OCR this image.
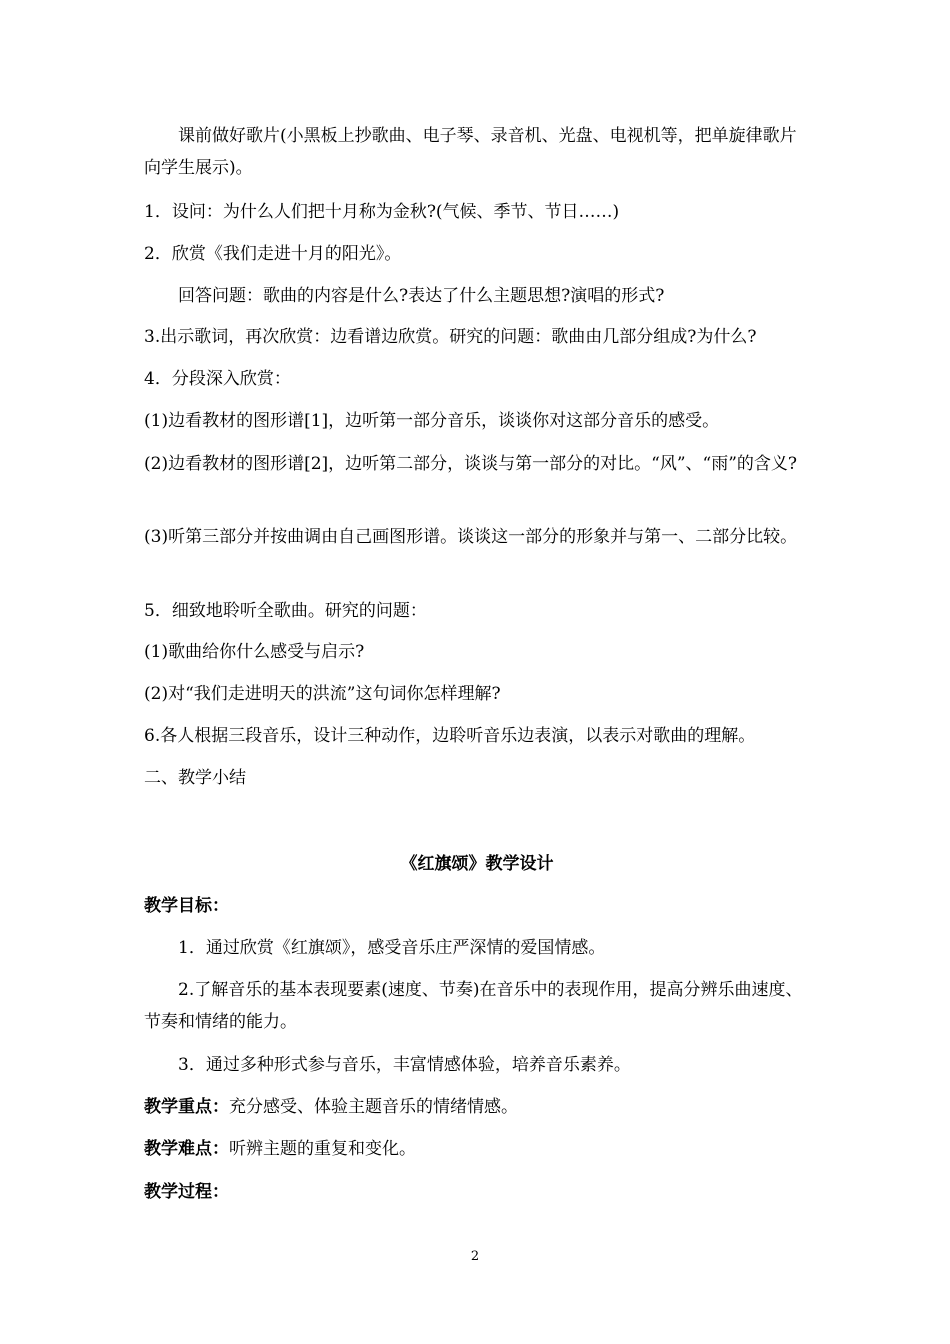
课前做好歌片(小黑板上抄歌曲、电子琴、录音机、光盘、电视机等，把单旋律歌片向学生展示)。
1．设问：为什么人们把十月称为金秋?(气候、季节、节日……)
2．欣赏《我们走进十月的阳光》。
回答问题：歌曲的内容是什么?表达了什么主题思想?演唱的形式?
3.出示歌词，再次欣赏：边看谱边欣赏。研究的问题：歌曲由几部分组成?为什么?
4．分段深入欣赏：
(1)边看教材的图形谱[1]，边听第一部分音乐，谈谈你对这部分音乐的感受。
(2)边看教材的图形谱[2]，边听第二部分，谈谈与第一部分的对比。“风”、“雨”的含义?
(3)听第三部分并按曲调由自己画图形谱。谈谈这一部分的形象并与第一、二部分比较。
5．细致地聆听全歌曲。研究的问题：
(1)歌曲给你什么感受与启示?
(2)对“我们走进明天的洪流”这句词你怎样理解?
6.各人根据三段音乐，设计三种动作，边聆听音乐边表演，以表示对歌曲的理解。
二、教学小结
《红旗颂》教学设计
教学目标：
1．通过欣赏《红旗颂》，感受音乐庄严深情的爱国情感。
2.了解音乐的基本表现要素(速度、节奏)在音乐中的表现作用，提高分辨乐曲速度、节奏和情绪的能力。
3．通过多种形式参与音乐，丰富情感体验，培养音乐素养。
教学重点：充分感受、体验主题音乐的情绪情感。
教学难点：听辨主题的重复和变化。
教学过程：
2
